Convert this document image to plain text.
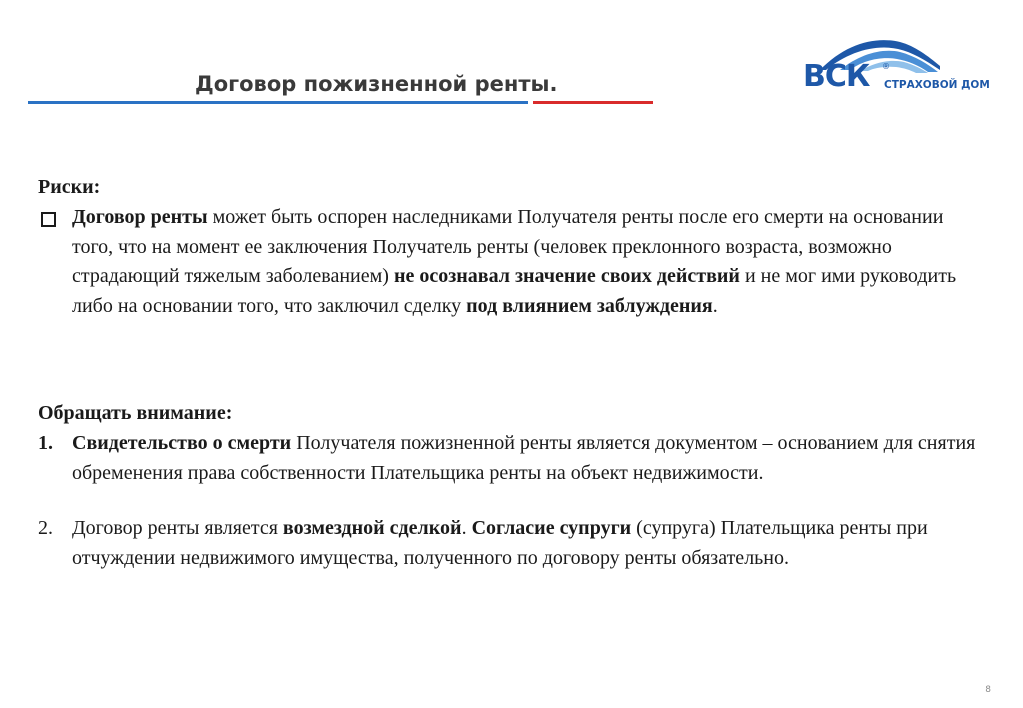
Договор пожизненной ренты.	ВСК ®
СТРАХОВОЙ ДОМ
Риски:
Договор ренты может быть оспорен наследниками Получателя ренты после его смерти на основании того, что на момент ее заключения Получатель ренты (человек преклонного возраста, возможно страдающий тяжелым заболеванием) не осознавал значение своих действий и не мог ими руководить либо на основании того, что заключил сделку под влиянием заблуждения.
Обращать внимание:
1. Свидетельство о смерти Получателя пожизненной ренты является документом – основанием для снятия обременения права собственности Плательщика ренты на объект недвижимости.
2. Договор ренты является возмездной сделкой. Согласие супруги (супруга) Плательщика ренты при отчуждении недвижимого имущества, полученного по договору ренты обязательно.
8
